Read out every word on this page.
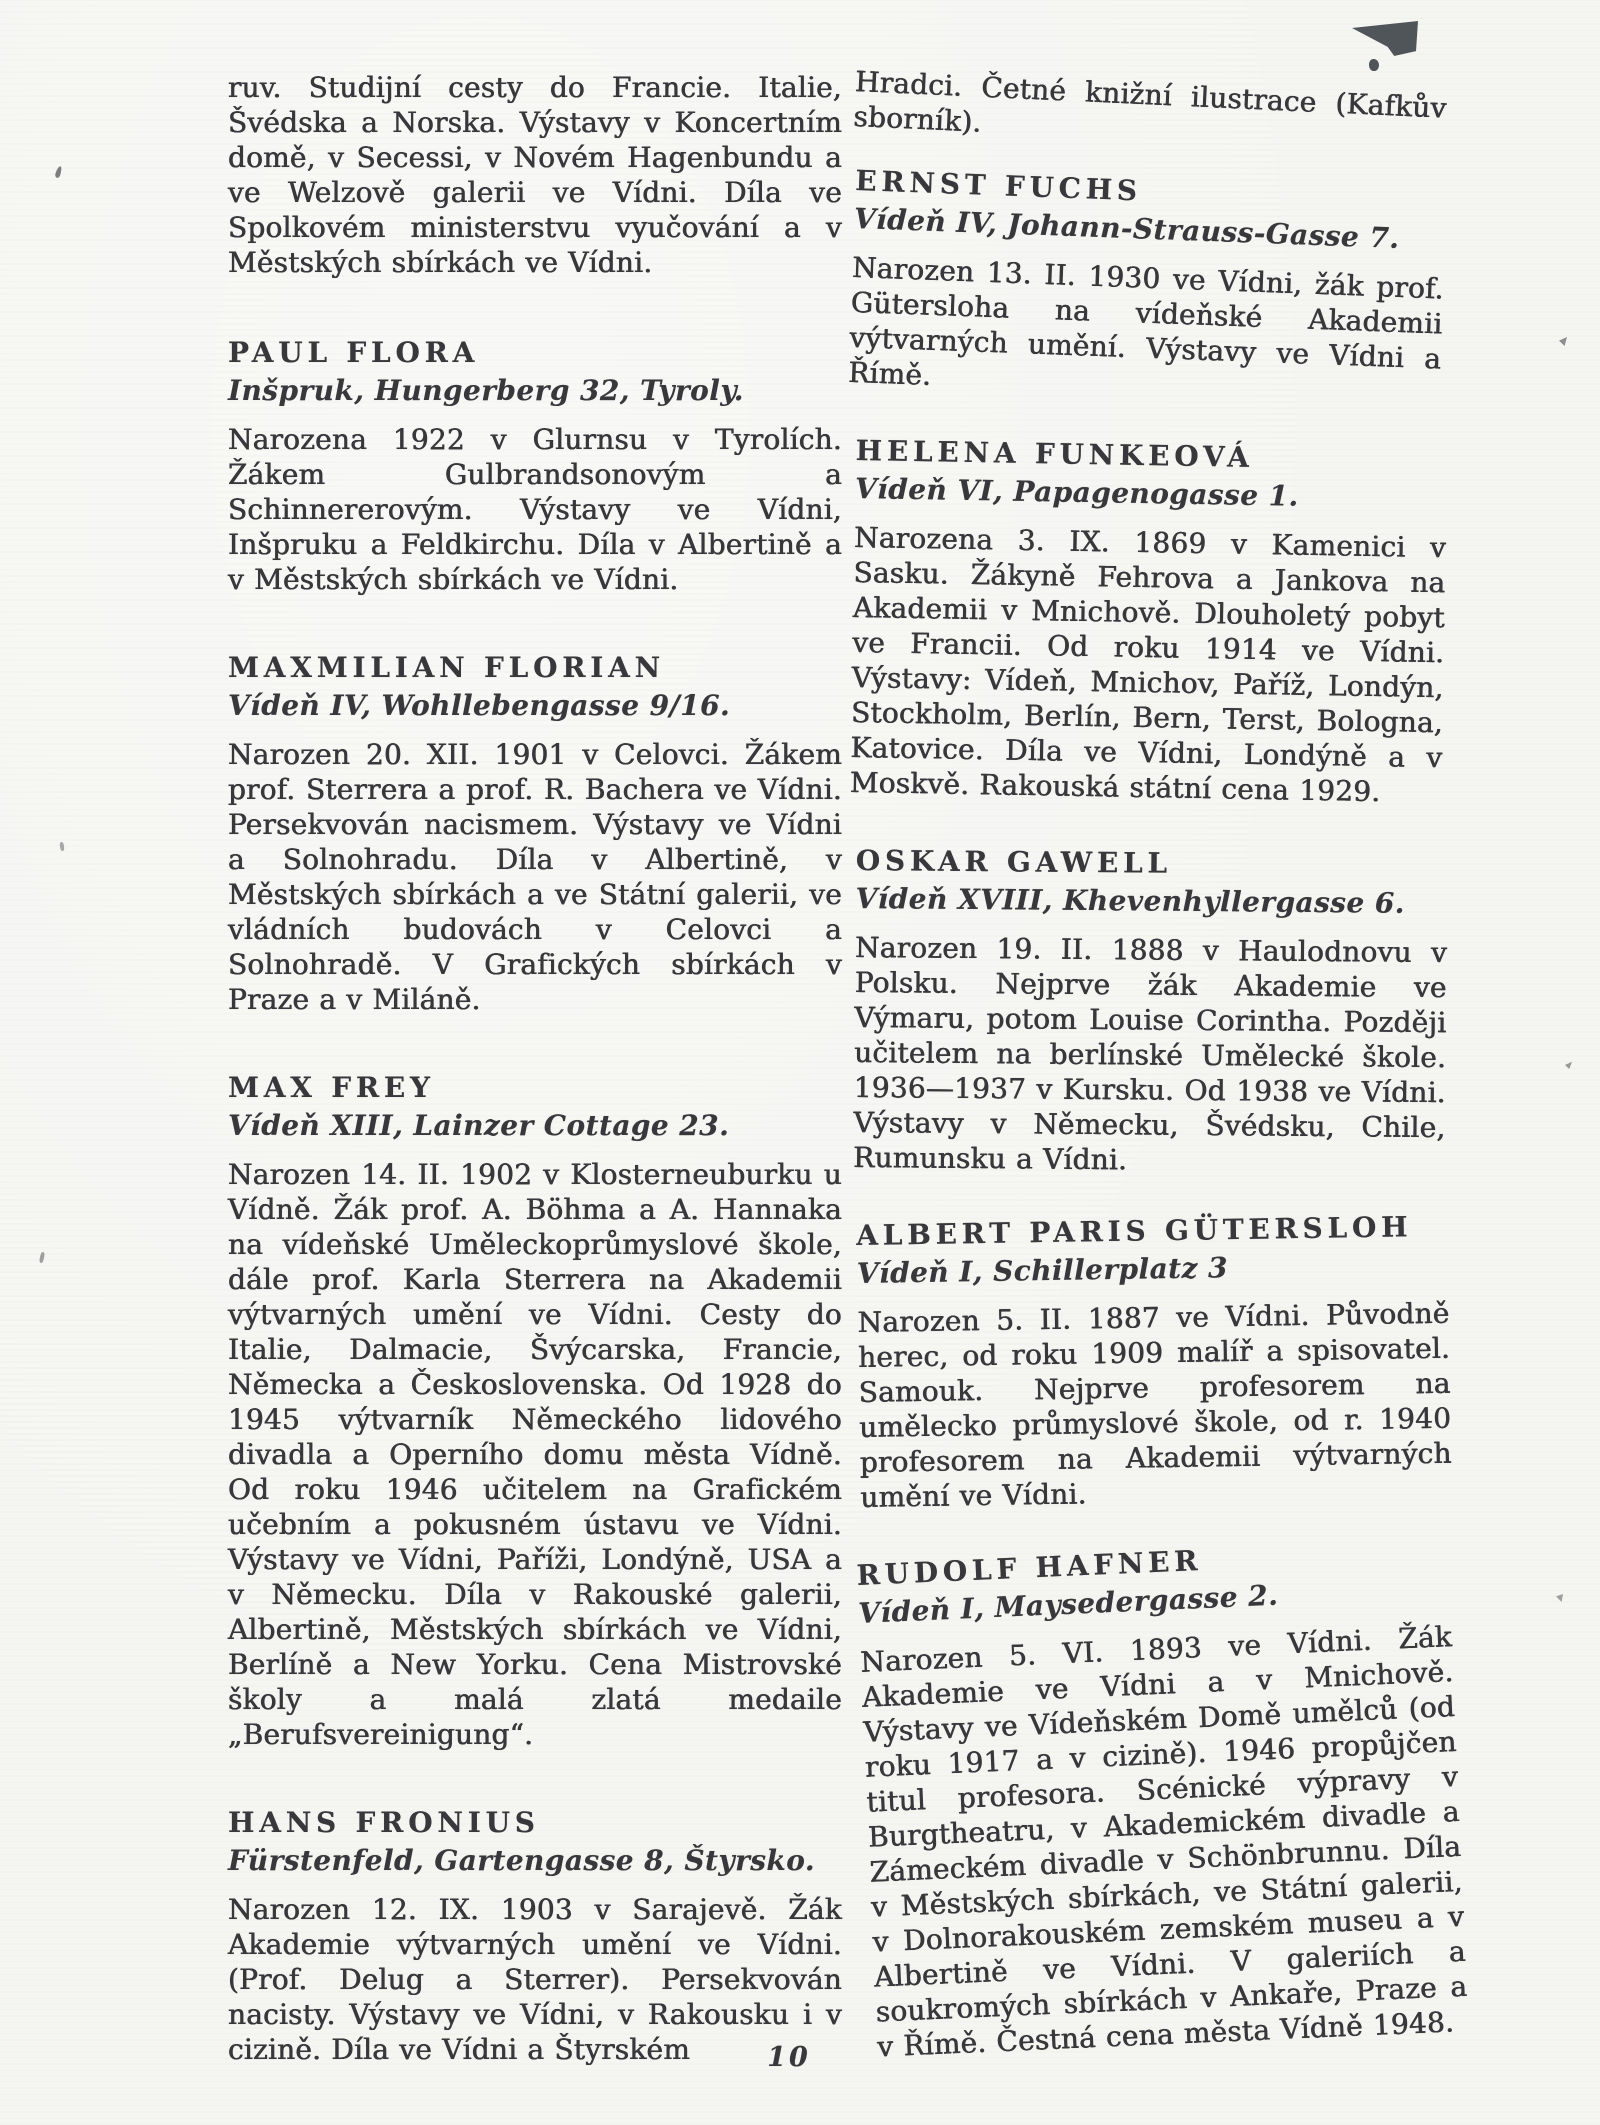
ruv. Studijní cesty do Francie. Italie, Švédska a Norska. Výstavy v Koncertním domě, v Secessi, v Novém Hagenbundu a ve Welzově galerii ve Vídni. Díla ve Spolkovém ministerstvu vyučování a v Městských sbírkách ve Vídni.

PAUL FLORA

Inšpruk, Hungerberg 32, Tyroly.

Narozena 1922 v Glurnsu v Tyrolích. Žákem Gulbrandsonovým a Schinnererovým. Výstavy ve Vídni, Inšpruku a Feldkirchu. Díla v Albertině a v Městských sbírkách ve Vídni.

MAXMILIAN FLORIAN

Vídeň IV, Wohllebengasse 9/16.

Narozen 20. XII. 1901 v Celovci. Žákem prof. Sterrera a prof. R. Bachera ve Vídni. Persekvován nacismem. Výstavy ve Vídni a Solnohradu. Díla v Albertině, v Městských sbírkách a ve Státní galerii, ve vládních budovách v Celovci a Solnohradě. V Grafických sbírkách v Praze a v Miláně.

MAX FREY

Vídeň XIII, Lainzer Cottage 23.

Narozen 14. II. 1902 v Klosterneuburku u Vídně. Žák prof. A. Böhma a A. Hannaka na vídeňské Uměleckoprůmyslové škole, dále prof. Karla Sterrera na Akademii výtvarných umění ve Vídni. Cesty do Italie, Dalmacie, Švýcarska, Francie, Německa a Československa. Od 1928 do 1945 výtvarník Německého lidového divadla a Operního domu města Vídně. Od roku 1946 učitelem na Grafickém učebním a pokusném ústavu ve Vídni. Výstavy ve Vídni, Paříži, Londýně, USA a v Německu. Díla v Rakouské galerii, Albertině, Městských sbírkách ve Vídni, Berlíně a New Yorku. Cena Mistrovské školy a malá zlatá medaile „Berufsvereinigung“.

HANS FRONIUS

Fürstenfeld, Gartengasse 8, Štyrsko.

Narozen 12. IX. 1903 v Sarajevě. Žák Akademie výtvarných umění ve Vídni. (Prof. Delug a Sterrer). Persekvován nacisty. Výstavy ve Vídni, v Rakousku i v cizině. Díla ve Vídni a Štyrském

Hradci. Četné knižní ilustrace (Kafkův sborník).

ERNST FUCHS

Vídeň IV, Johann-Strauss-Gasse 7.

Narozen 13. II. 1930 ve Vídni, žák prof. Gütersloha na vídeňské Akademii výtvarných umění. Výstavy ve Vídni a Římě.

HELENA FUNKEOVÁ

Vídeň VI, Papagenogasse 1.

Narozena 3. IX. 1869 v Kamenici v Sasku. Žákyně Fehrova a Jankova na Akademii v Mnichově. Dlouholetý pobyt ve Francii. Od roku 1914 ve Vídni. Výstavy: Vídeň, Mnichov, Paříž, Londýn, Stockholm, Berlín, Bern, Terst, Bologna, Katovice. Díla ve Vídni, Londýně a v Moskvě. Rakouská státní cena 1929.

OSKAR GAWELL

Vídeň XVIII, Khevenhyllergasse 6.

Narozen 19. II. 1888 v Haulodnovu v Polsku. Nejprve žák Akademie ve Výmaru, potom Louise Corintha. Později učitelem na berlínské Umělecké škole. 1936—1937 v Kursku. Od 1938 ve Vídni. Výstavy v Německu, Švédsku, Chile, Rumunsku a Vídni.

ALBERT PARIS GÜTERSLOH

Vídeň I, Schillerplatz 3

Narozen 5. II. 1887 ve Vídni. Původně herec, od roku 1909 malíř a spisovatel. Samouk. Nejprve profesorem na umělecko průmyslové škole, od r. 1940 profesorem na Akademii výtvarných umění ve Vídni.

RUDOLF HAFNER

Vídeň I, Maysedergasse 2.

Narozen 5. VI. 1893 ve Vídni. Žák Akademie ve Vídni a v Mnichově. Výstavy ve Vídeňském Domě umělců (od roku 1917 a v cizině). 1946 propůjčen titul profesora. Scénické výpravy v Burgtheatru, v Akademickém divadle a Zámeckém divadle v Schönbrunnu. Díla v Městských sbírkách, ve Státní galerii, v Dolnorakouském zemském museu a v Albertině ve Vídni. V galeriích a soukromých sbírkách v Ankaře, Praze a v Římě. Čestná cena města Vídně 1948.

10
